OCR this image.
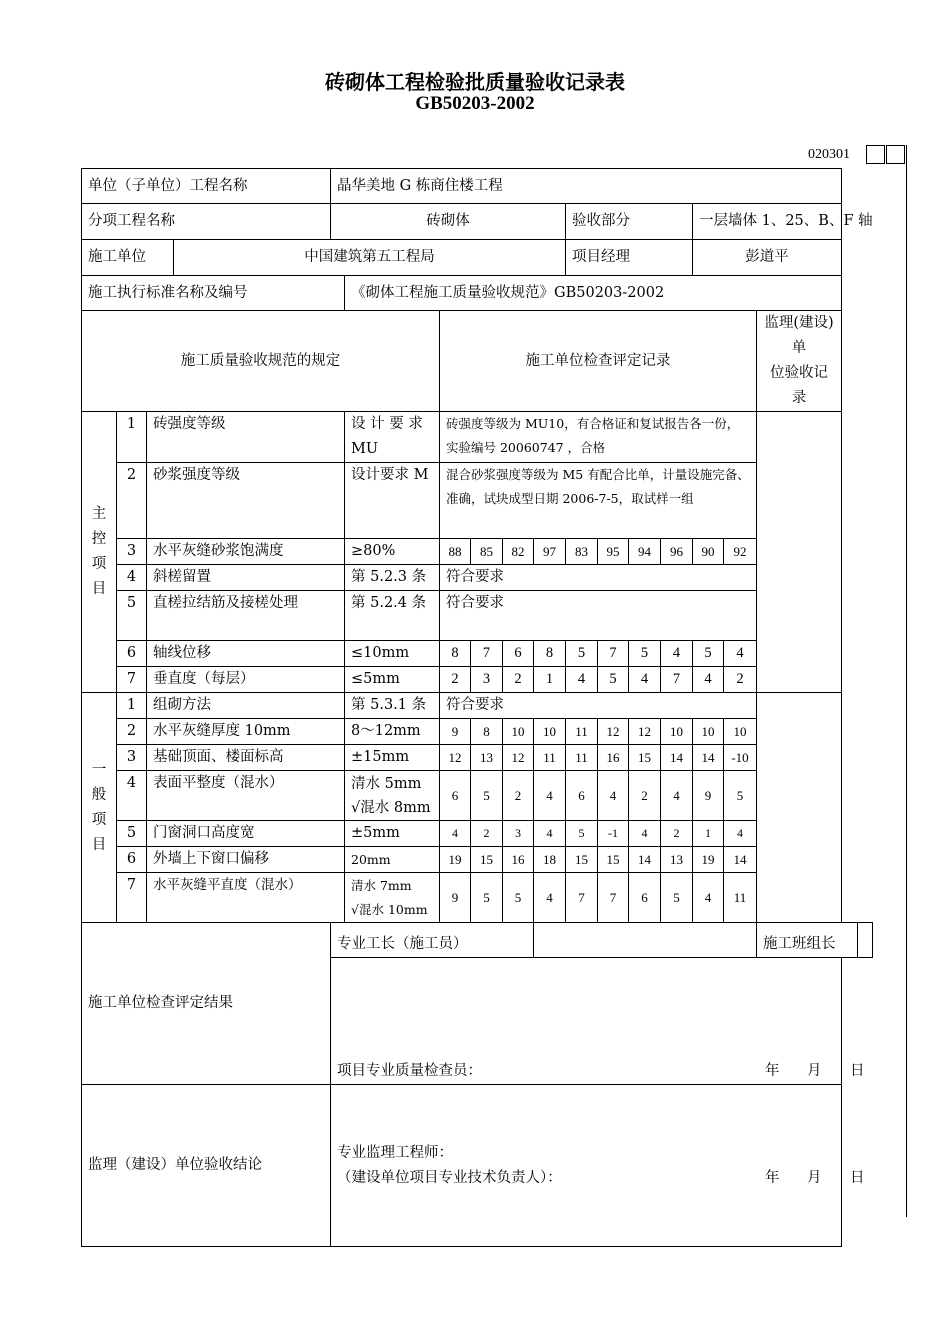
砖砌体工程检验批质量验收记录表
GB50203-2002
020301
单位（子单位）工程名称				晶华美地 G 栋商住楼工程													
分项工程名称				砖砌体						验收部分				一层墙体 1、25、B、F 轴			
施工单位			中国建筑第五工程局							项目经理				彭道平			
施工执行标准名称及编号					《砌体工程施工质量验收规范》GB50203-2002												
施工质量验收规范的规定						施工单位检查评定记录										监理(建设)单
位验收记录	

主
控
项
目	1	砖强度等级			设 计 要 求 MU	砖强度等级为 MU10，有合格证和复试报告各一份，实验编号 20060747 ，合格											
	2	砂浆强度等级			设计要求 M	混合砂浆强度等级为 M5 有配合比单，计量设施完备、准确，试块成型日期 2006-7-5，取试样一组											
	3	水平灰缝砂浆饱满度			≥80%	88	85	82	97	83	95	94	96	90	92		
	4	斜槎留置			第 5.2.3 条	符合要求											
	5	直槎拉结筋及接槎处理			第 5.2.4 条	符合要求											
	6	轴线位移			≤10mm	8	7	6	8	5	7	5	4	5	4		
	7	垂直度（每层）			≤5mm	2	3	2	1	4	5	4	7	4	2		

一
般
项
目	1	组砌方法			第 5.3.1 条	符合要求											
	2	水平灰缝厚度 10mm			8～12mm	9	8	10	10	11	12	12	10	10	10		
	3	基础顶面、楼面标高			±15mm	12	13	12	11	11	16	15	14	14	-10		
	4	表面平整度（混水）			清水 5mm
√混水 8mm	6	5	2	4	6	4	2	4	9	5		
	5	门窗洞口高度宽			±5mm	4	2	3	4	5	-1	4	2	1	4		
	6	外墙上下窗口偏移			20mm	19	15	16	18	15	15	14	13	19	14		
	7	水平灰缝平直度（混水）			清水 7mm
√混水 10mm	9	5	5	4	7	7	6	5	4	11		
施工单位检查评定结果				专业工长（施工员）												施工班组长	

				项目专业质量检查员： 年 月 日													

监理（建设）单位验收结论				专业监理工程师：
（建设单位项目专业技术负责人）： 年 月 日													
